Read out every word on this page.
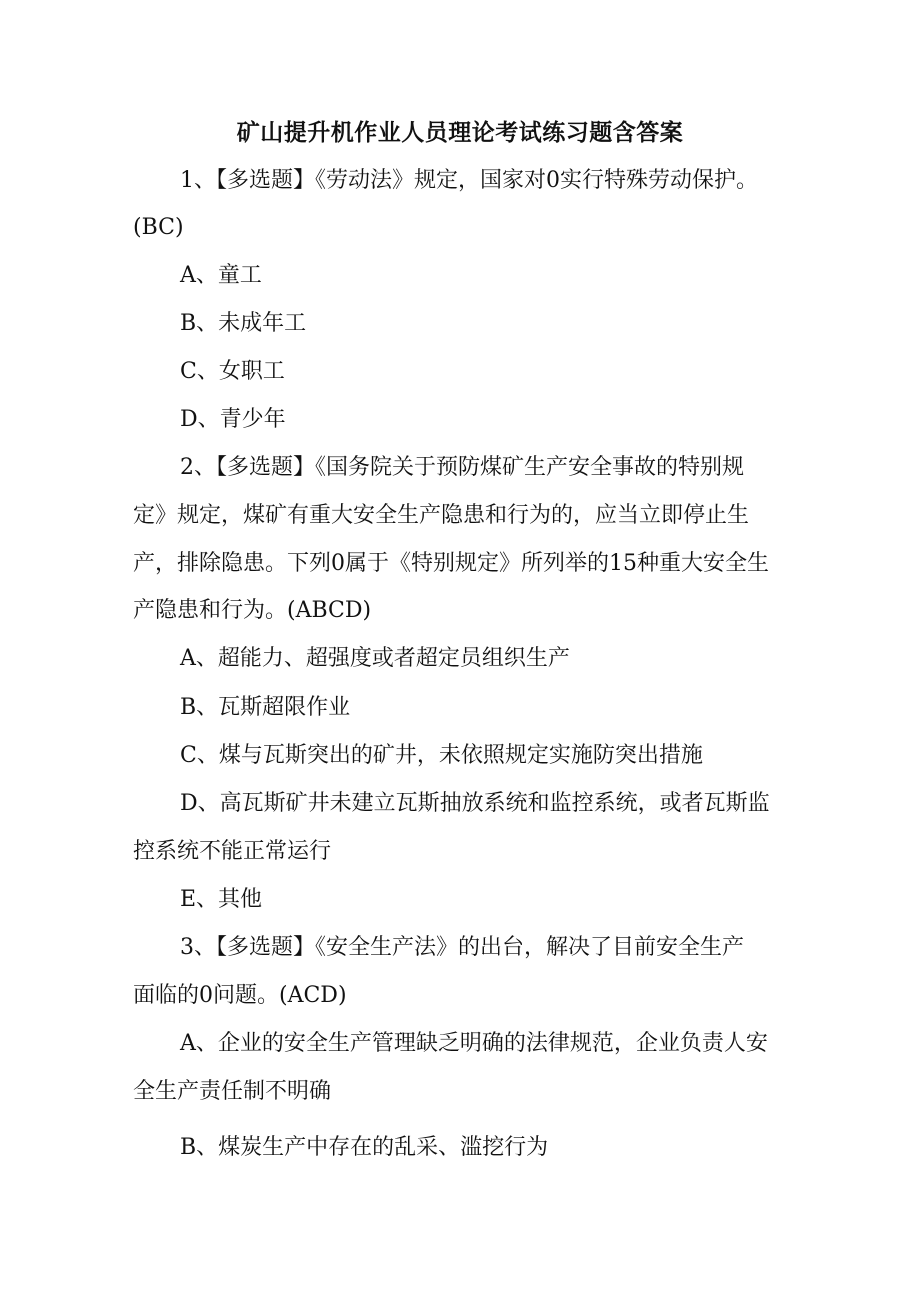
矿山提升机作业人员理论考试练习题含答案
1、【多选题】《劳动法》规定，国家对0实行特殊劳动保护。
(BC)
A、童工
B、未成年工
C、女职工
D、青少年
2、【多选题】《国务院关于预防煤矿生产安全事故的特别规
定》规定，煤矿有重大安全生产隐患和行为的，应当立即停止生
产，排除隐患。下列0属于《特别规定》所列举的15种重大安全生
产隐患和行为。(ABCD)
A、超能力、超强度或者超定员组织生产
B、瓦斯超限作业
C、煤与瓦斯突出的矿井，未依照规定实施防突出措施
D、高瓦斯矿井未建立瓦斯抽放系统和监控系统，或者瓦斯监
控系统不能正常运行
E、其他
3、【多选题】《安全生产法》的出台，解决了目前安全生产
面临的0问题。(ACD)
A、企业的安全生产管理缺乏明确的法律规范，企业负责人安
全生产责任制不明确
B、煤炭生产中存在的乱采、滥挖行为
